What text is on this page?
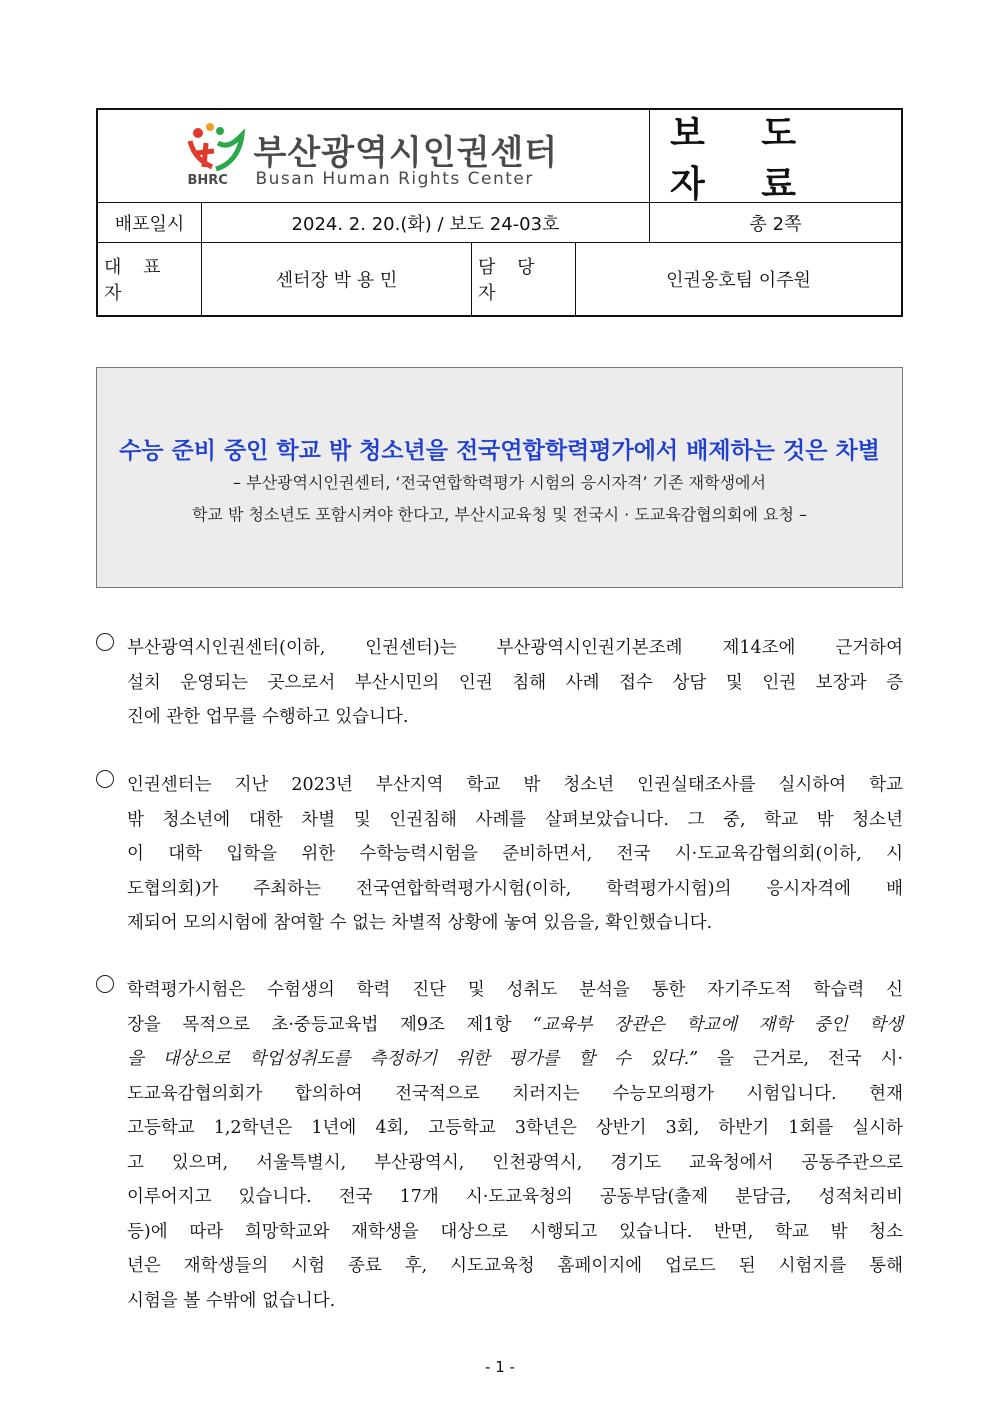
BHRC
부산광역시인권센터
Busan Human Rights Center
보 도 자 료
배포일시	2024. 2. 20.(화) / 보도 24-03호	총 2쪽
대 표 자
센터장 박 용 민
담 당 자
인권옹호팀 이주원
수능 준비 중인 학교 밖 청소년을 전국연합학력평가에서 배제하는 것은 차별
– 부산광역시인권센터, ‘전국연합학력평가 시험의 응시자격’ 기존 재학생에서
학교 밖 청소년도 포함시켜야 한다고, 부산시교육청 및 전국시 · 도교육감협의회에 요청 –
부산광역시인권센터(이하, 인권센터)는 부산광역시인권기본조례 제14조에 근거하여
설치 운영되는 곳으로서 부산시민의 인권 침해 사례 접수 상담 및 인권 보장과 증
진에 관한 업무를 수행하고 있습니다.
인권센터는 지난 2023년 부산지역 학교 밖 청소년 인권실태조사를 실시하여 학교
밖 청소년에 대한 차별 및 인권침해 사례를 살펴보았습니다. 그 중, 학교 밖 청소년
이 대학 입학을 위한 수학능력시험을 준비하면서, 전국 시·도교육감협의회(이하, 시
도협의회)가 주최하는 전국연합학력평가시험(이하, 학력평가시험)의 응시자격에 배
제되어 모의시험에 참여할 수 없는 차별적 상황에 놓여 있음을, 확인했습니다.
학력평가시험은 수험생의 학력 진단 및 성취도 분석을 통한 자기주도적 학습력 신
장을 목적으로 초·중등교육법 제9조 제1항 “교육부 장관은 학교에 재학 중인 학생
을 대상으로 학업성취도를 측정하기 위한 평가를 할 수 있다.” 을 근거로, 전국 시·
도교육감협의회가 합의하여 전국적으로 치러지는 수능모의평가 시험입니다. 현재
고등학교 1,2학년은 1년에 4회, 고등학교 3학년은 상반기 3회, 하반기 1회를 실시하
고 있으며, 서울특별시, 부산광역시, 인천광역시, 경기도 교육청에서 공동주관으로
이루어지고 있습니다. 전국 17개 시·도교육청의 공동부담(출제 분담금, 성적처리비
등)에 따라 희망학교와 재학생을 대상으로 시행되고 있습니다. 반면, 학교 밖 청소
년은 재학생들의 시험 종료 후, 시도교육청 홈페이지에 업로드 된 시험지를 통해
시험을 볼 수밖에 없습니다.
- 1 -
